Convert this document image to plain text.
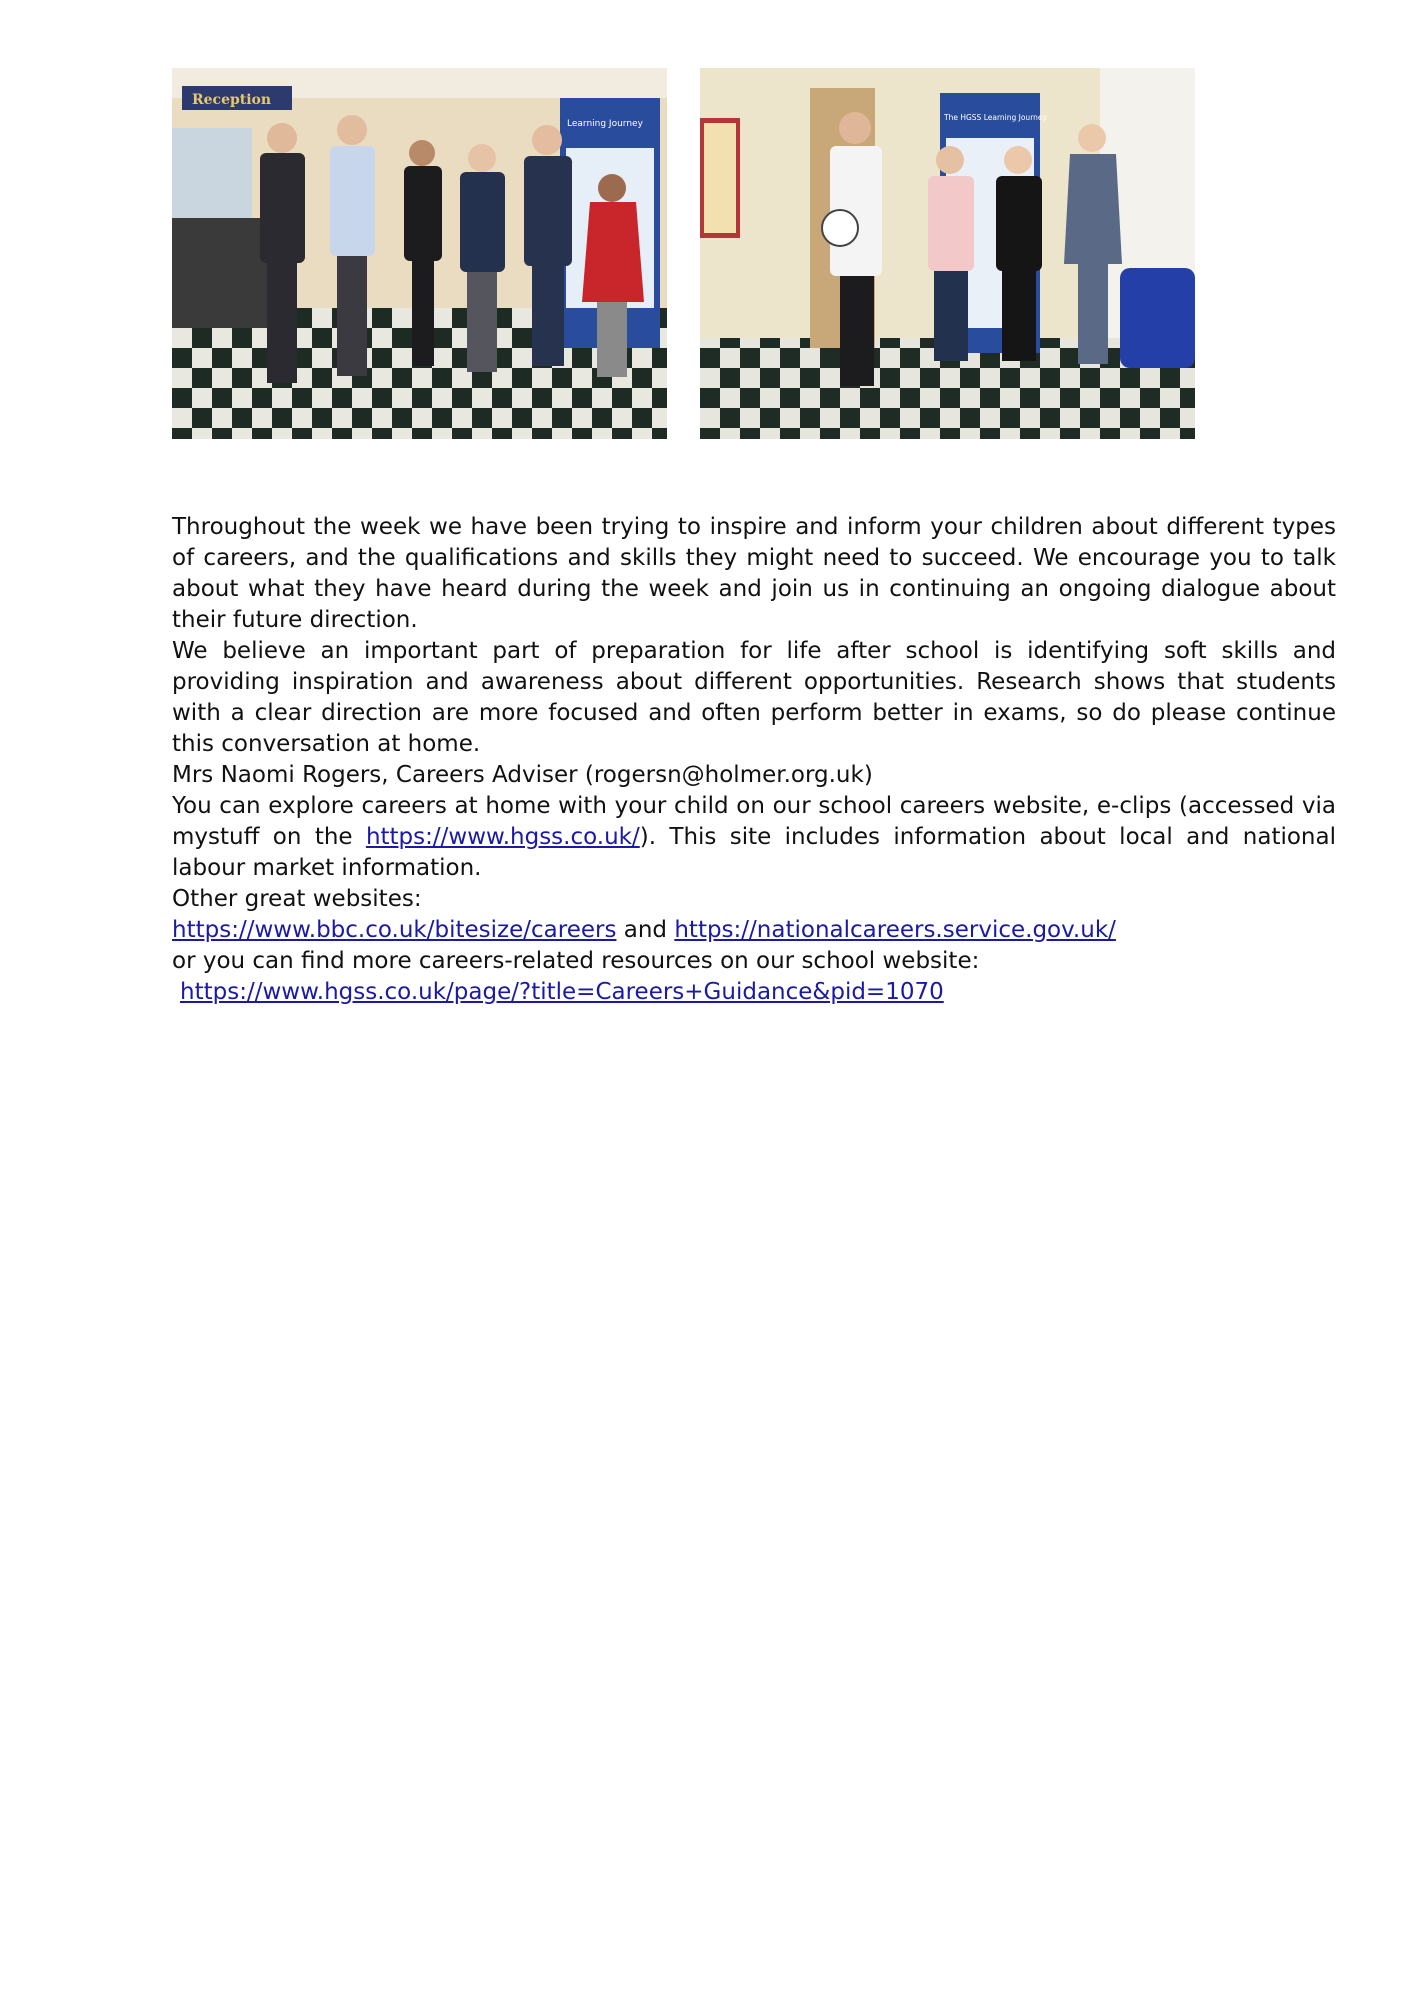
Reception
Learning Journey
The HGSS Learning Journey

Throughout the week we have been trying to inspire and inform your children about different types of careers, and the qualifications and skills they might need to succeed. We encourage you to talk about what they have heard during the week and join us in continuing an ongoing dialogue about their future direction.

We believe an important part of preparation for life after school is identifying soft skills and providing inspiration and awareness about different opportunities. Research shows that students with a clear direction are more focused and often perform better in exams, so do please continue this conversation at home.

Mrs Naomi Rogers, Careers Adviser (rogersn@holmer.org.uk)

You can explore careers at home with your child on our school careers website, e-clips (accessed via mystuff on the https://www.hgss.co.uk/). This site includes information about local and national labour market information.

Other great websites:

https://www.bbc.co.uk/bitesize/careers and https://nationalcareers.service.gov.uk/

or you can find more careers-related resources on our school website:

https://www.hgss.co.uk/page/?title=Careers+Guidance&pid=1070
